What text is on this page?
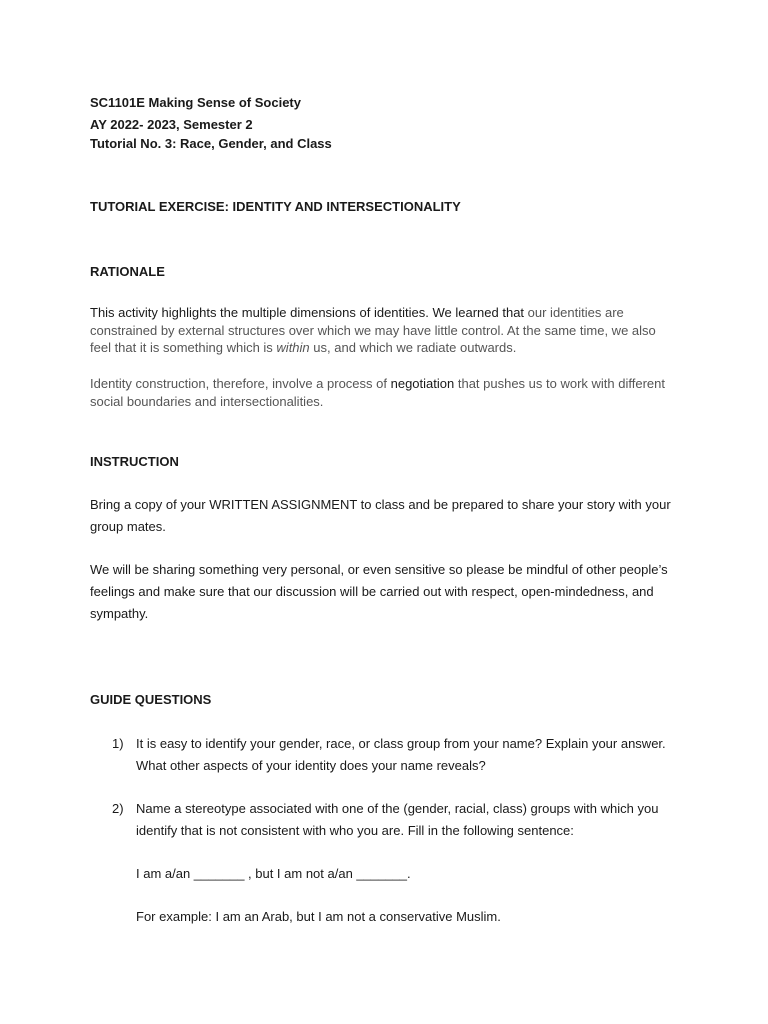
SC1101E Making Sense of Society
AY 2022- 2023, Semester 2
Tutorial No. 3: Race, Gender, and Class
TUTORIAL EXERCISE: IDENTITY AND INTERSECTIONALITY
RATIONALE
This activity highlights the multiple dimensions of identities. We learned that our identities are constrained by external structures over which we may have little control. At the same time, we also feel that it is something which is within us, and which we radiate outwards.
Identity construction, therefore, involve a process of negotiation that pushes us to work with different social boundaries and intersectionalities.
INSTRUCTION
Bring a copy of your WRITTEN ASSIGNMENT to class and be prepared to share your story with your group mates.
We will be sharing something very personal, or even sensitive so please be mindful of other people’s feelings and make sure that our discussion will be carried out with respect, open-mindedness, and sympathy.
GUIDE QUESTIONS
1) It is easy to identify your gender, race, or class group from your name? Explain your answer. What other aspects of your identity does your name reveals?
2) Name a stereotype associated with one of the (gender, racial, class) groups with which you identify that is not consistent with who you are. Fill in the following sentence:
I am a/an _______ , but I am not a/an _______.
For example: I am an Arab, but I am not a conservative Muslim.
